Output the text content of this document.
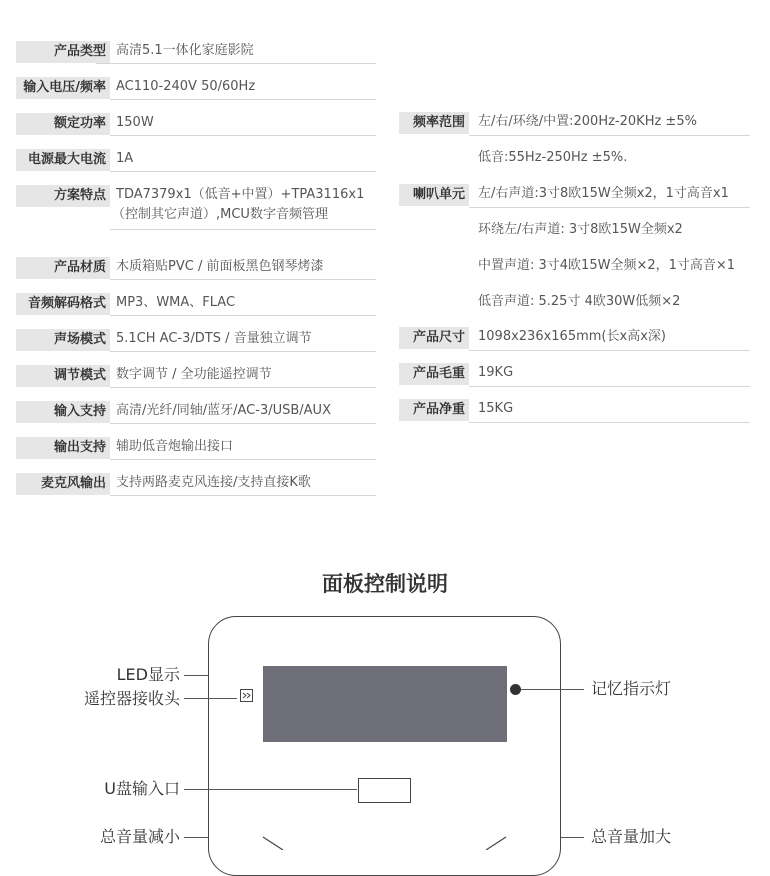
产品类型 高清5.1一体化家庭影院
输入电压/频率 AC110-240V 50/60Hz
额定功率 150W
电源最大电流 1A
方案特点 TDA7379x1（低音+中置）+TPA3116x1
（控制其它声道）,MCU数字音频管理
产品材质 木质箱贴PVC / 前面板黑色钢琴烤漆
音频解码格式 MP3、WMA、FLAC
声场模式 5.1CH AC-3/DTS / 音量独立调节
调节模式 数字调节 / 全功能遥控调节
输入支持 高清/光纤/同轴/蓝牙/AC-3/USB/AUX
输出支持 辅助低音炮输出接口
麦克风输出 支持两路麦克风连接/支持直接K歌
频率范围	左/右/环绕/中置:200Hz-20KHz ±5%
低音:55Hz-250Hz ±5%.
喇叭单元	左/右声道:3寸8欧15W全频x2，1寸高音x1
环绕左/右声道: 3寸8欧15W全频x2
中置声道: 3寸4欧15W全频×2，1寸高音×1
低音声道: 5.25寸 4欧30W低频×2
产品尺寸	1098x236x165mm(长x高x深)
产品毛重	19KG
产品净重	15KG
面板控制说明
LED显示
遥控器接收头
U盘输入口
总音量减小
记忆指示灯
总音量加大
